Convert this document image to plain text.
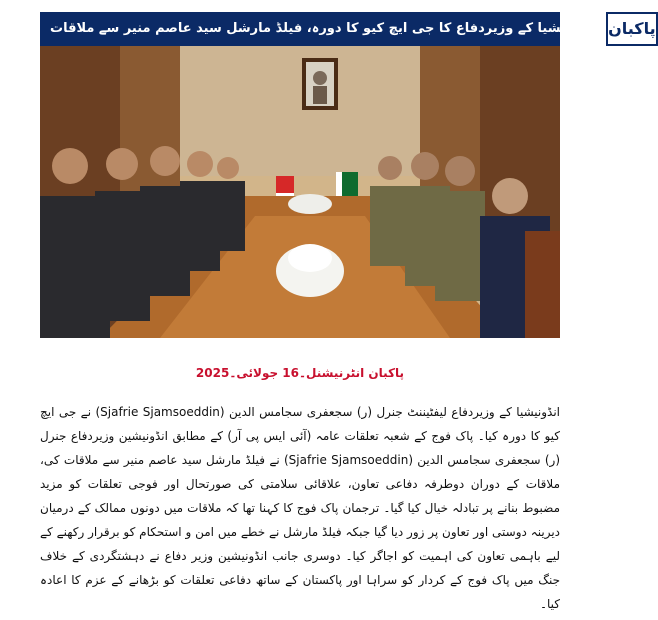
انڈونیشیا کے وزیردفاع کا جی ایچ کیو کا دورہ، فیلڈ مارشل سید عاصم منیر سے ملاقات پاکبان
پاکبان انٹرنیشنل۔16 جولائی۔2025
انڈونیشیا کے وزیردفاع لیفٹیننٹ جنرل (ر) سجعفری سجامس الدین (Sjafrie Sjamsoeddin) نے جی ایچ کیو کا دورہ کیا۔ پاک فوج کے شعبہ تعلقات عامہ (آئی ایس پی آر) کے مطابق انڈونیشین وزیردفاع جنرل (ر) سجعفری سجامس الدین (Sjafrie Sjamsoeddin) نے فیلڈ مارشل سید عاصم منیر سے ملاقات کی، ملاقات کے دوران دوطرفہ دفاعی تعاون، علاقائی سلامتی کی صورتحال اور فوجی تعلقات کو مزید مضبوط بنانے پر تبادلہ خیال کیا گیا۔ ترجمان پاک فوج کا کہنا تھا کہ ملاقات میں دونوں ممالک کے درمیان دیرینہ دوستی اور تعاون پر زور دیا گیا جبکہ فیلڈ مارشل نے خطے میں امن و استحکام کو برقرار رکھنے کے لیے باہمی تعاون کی اہمیت کو اجاگر کیا۔ دوسری جانب انڈونیشین وزیر دفاع نے دہشتگردی کے خلاف جنگ میں پاک فوج کے کردار کو سراہا اور پاکستان کے ساتھ دفاعی تعلقات کو بڑھانے کے عزم کا اعادہ کیا۔
